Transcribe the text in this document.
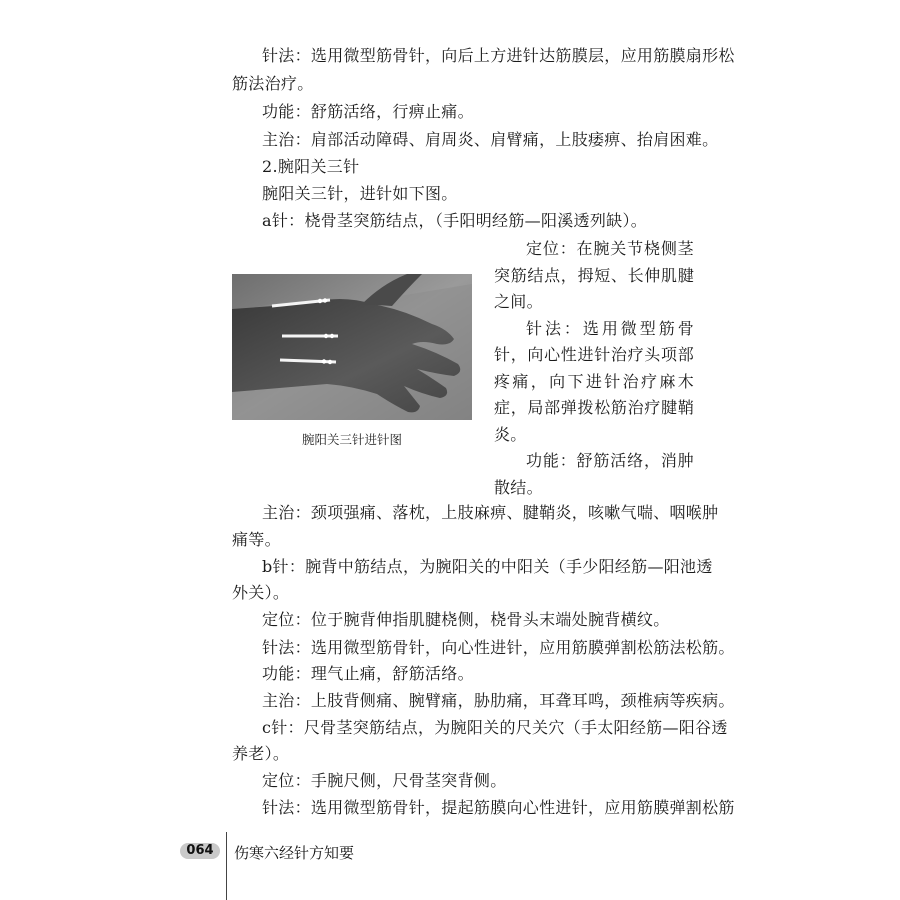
针法：选用微型筋骨针，向后上方进针达筋膜层，应用筋膜扇形松
筋法治疗。
功能：舒筋活络，行痹止痛。
主治：肩部活动障碍、肩周炎、肩臂痛，上肢痿痹、抬肩困难。
2.腕阳关三针
腕阳关三针，进针如下图。
a针：桡骨茎突筋结点，（手阳明经筋—阳溪透列缺）。
腕阳关三针进针图

定位：在腕关节桡侧茎突筋结点，拇短、长伸肌腱之间。

针法：选用微型筋骨针，向心性进针治疗头项部疼痛，向下进针治疗麻木症，局部弹拨松筋治疗腱鞘炎。

功能：舒筋活络，消肿散结。

主治：颈项强痛、落枕，上肢麻痹、腱鞘炎，咳嗽气喘、咽喉肿
痛等。
b针：腕背中筋结点，为腕阳关的中阳关（手少阳经筋—阳池透
外关）。
定位：位于腕背伸指肌腱桡侧，桡骨头末端处腕背横纹。
针法：选用微型筋骨针，向心性进针，应用筋膜弹割松筋法松筋。
功能：理气止痛，舒筋活络。
主治：上肢背侧痛、腕臂痛，胁肋痛，耳聋耳鸣，颈椎病等疾病。
c针：尺骨茎突筋结点，为腕阳关的尺关穴（手太阳经筋—阳谷透
养老）。
定位：手腕尺侧，尺骨茎突背侧。
针法：选用微型筋骨针，提起筋膜向心性进针，应用筋膜弹割松筋
064	伤寒六经针方知要
